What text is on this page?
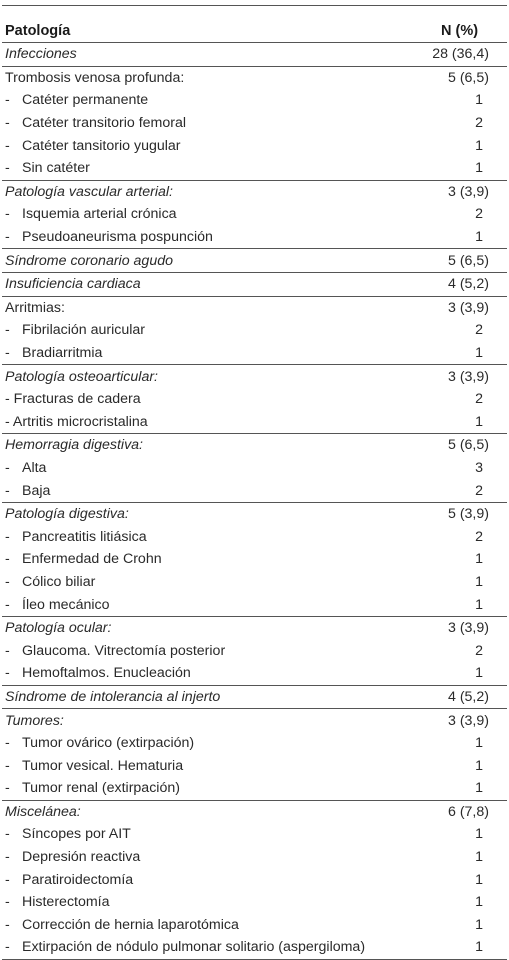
Patología	N (%)
Infecciones	28 (36,4)
Trombosis venosa profunda:	5 (6,5)
- Catéter permanente	1
- Catéter transitorio femoral	2
- Catéter tansitorio yugular	1
- Sin catéter	1
Patología vascular arterial:	3 (3,9)
- Isquemia arterial crónica	2
- Pseudoaneurisma pospunción	1
Síndrome coronario agudo	5 (6,5)
Insuficiencia cardiaca	4 (5,2)
Arritmias:	3 (3,9)
- Fibrilación auricular	2
- Bradiarritmia	1
Patología osteoarticular:	3 (3,9)
- Fracturas de cadera	2
- Artritis microcristalina	1
Hemorragia digestiva:	5 (6,5)
- Alta	3
- Baja	2
Patología digestiva:	5 (3,9)
- Pancreatitis litiásica	2
- Enfermedad de Crohn	1
- Cólico biliar	1
- Íleo mecánico	1
Patología ocular:	3 (3,9)
- Glaucoma. Vitrectomía posterior	2
- Hemoftalmos. Enucleación	1
Síndrome de intolerancia al injerto	4 (5,2)
Tumores:	3 (3,9)
- Tumor ovárico (extirpación)	1
- Tumor vesical. Hematuria	1
- Tumor renal (extirpación)	1
Miscelánea:	6 (7,8)
- Síncopes por AIT	1
- Depresión reactiva	1
- Paratiroidectomía	1
- Histerectomía	1
- Corrección de hernia laparotómica	1
- Extirpación de nódulo pulmonar solitario (aspergiloma)	1
